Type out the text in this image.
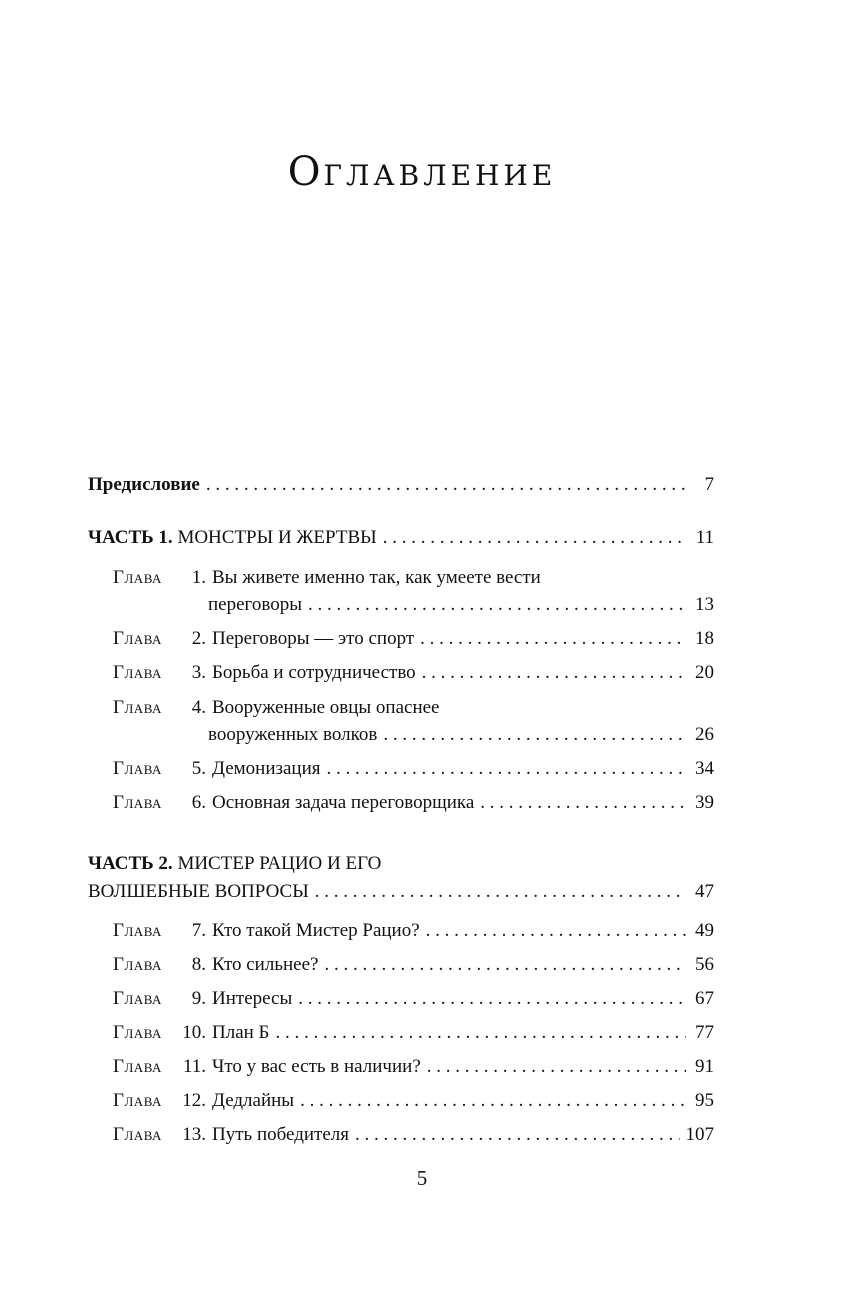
ОГЛАВЛЕНИЕ
Предисловие . . .	7
ЧАСТЬ 1.
МОНСТРЫ И ЖЕРТВЫ . . .	11
Глава	1. Вы живете именно так, как умеете вести
переговоры . . .	13
Глава	2. Переговоры — это спорт . . .	18
Глава	3. Борьба и сотрудничество . . .	20
Глава	4. Вооруженные овцы опаснее
вооруженных волков . . .	26
Глава	5. Демонизация . . .	34
Глава	6. Основная задача переговорщика . . .	39
ЧАСТЬ 2.
МИСТЕР РАЦИО И ЕГО
ВОЛШЕБНЫЕ ВОПРОСЫ . . .	47
Глава	7. Кто такой Мистер Рацио? . . .	49
Глава	8. Кто сильнее? . . .	56
Глава	9. Интересы . . .	67
Глава	10. План Б . . .	77
Глава	11. Что у вас есть в наличии? . . .	91
Глава	12. Дедлайны . . .	95
Глава	13. Путь победителя . . .	107
5
